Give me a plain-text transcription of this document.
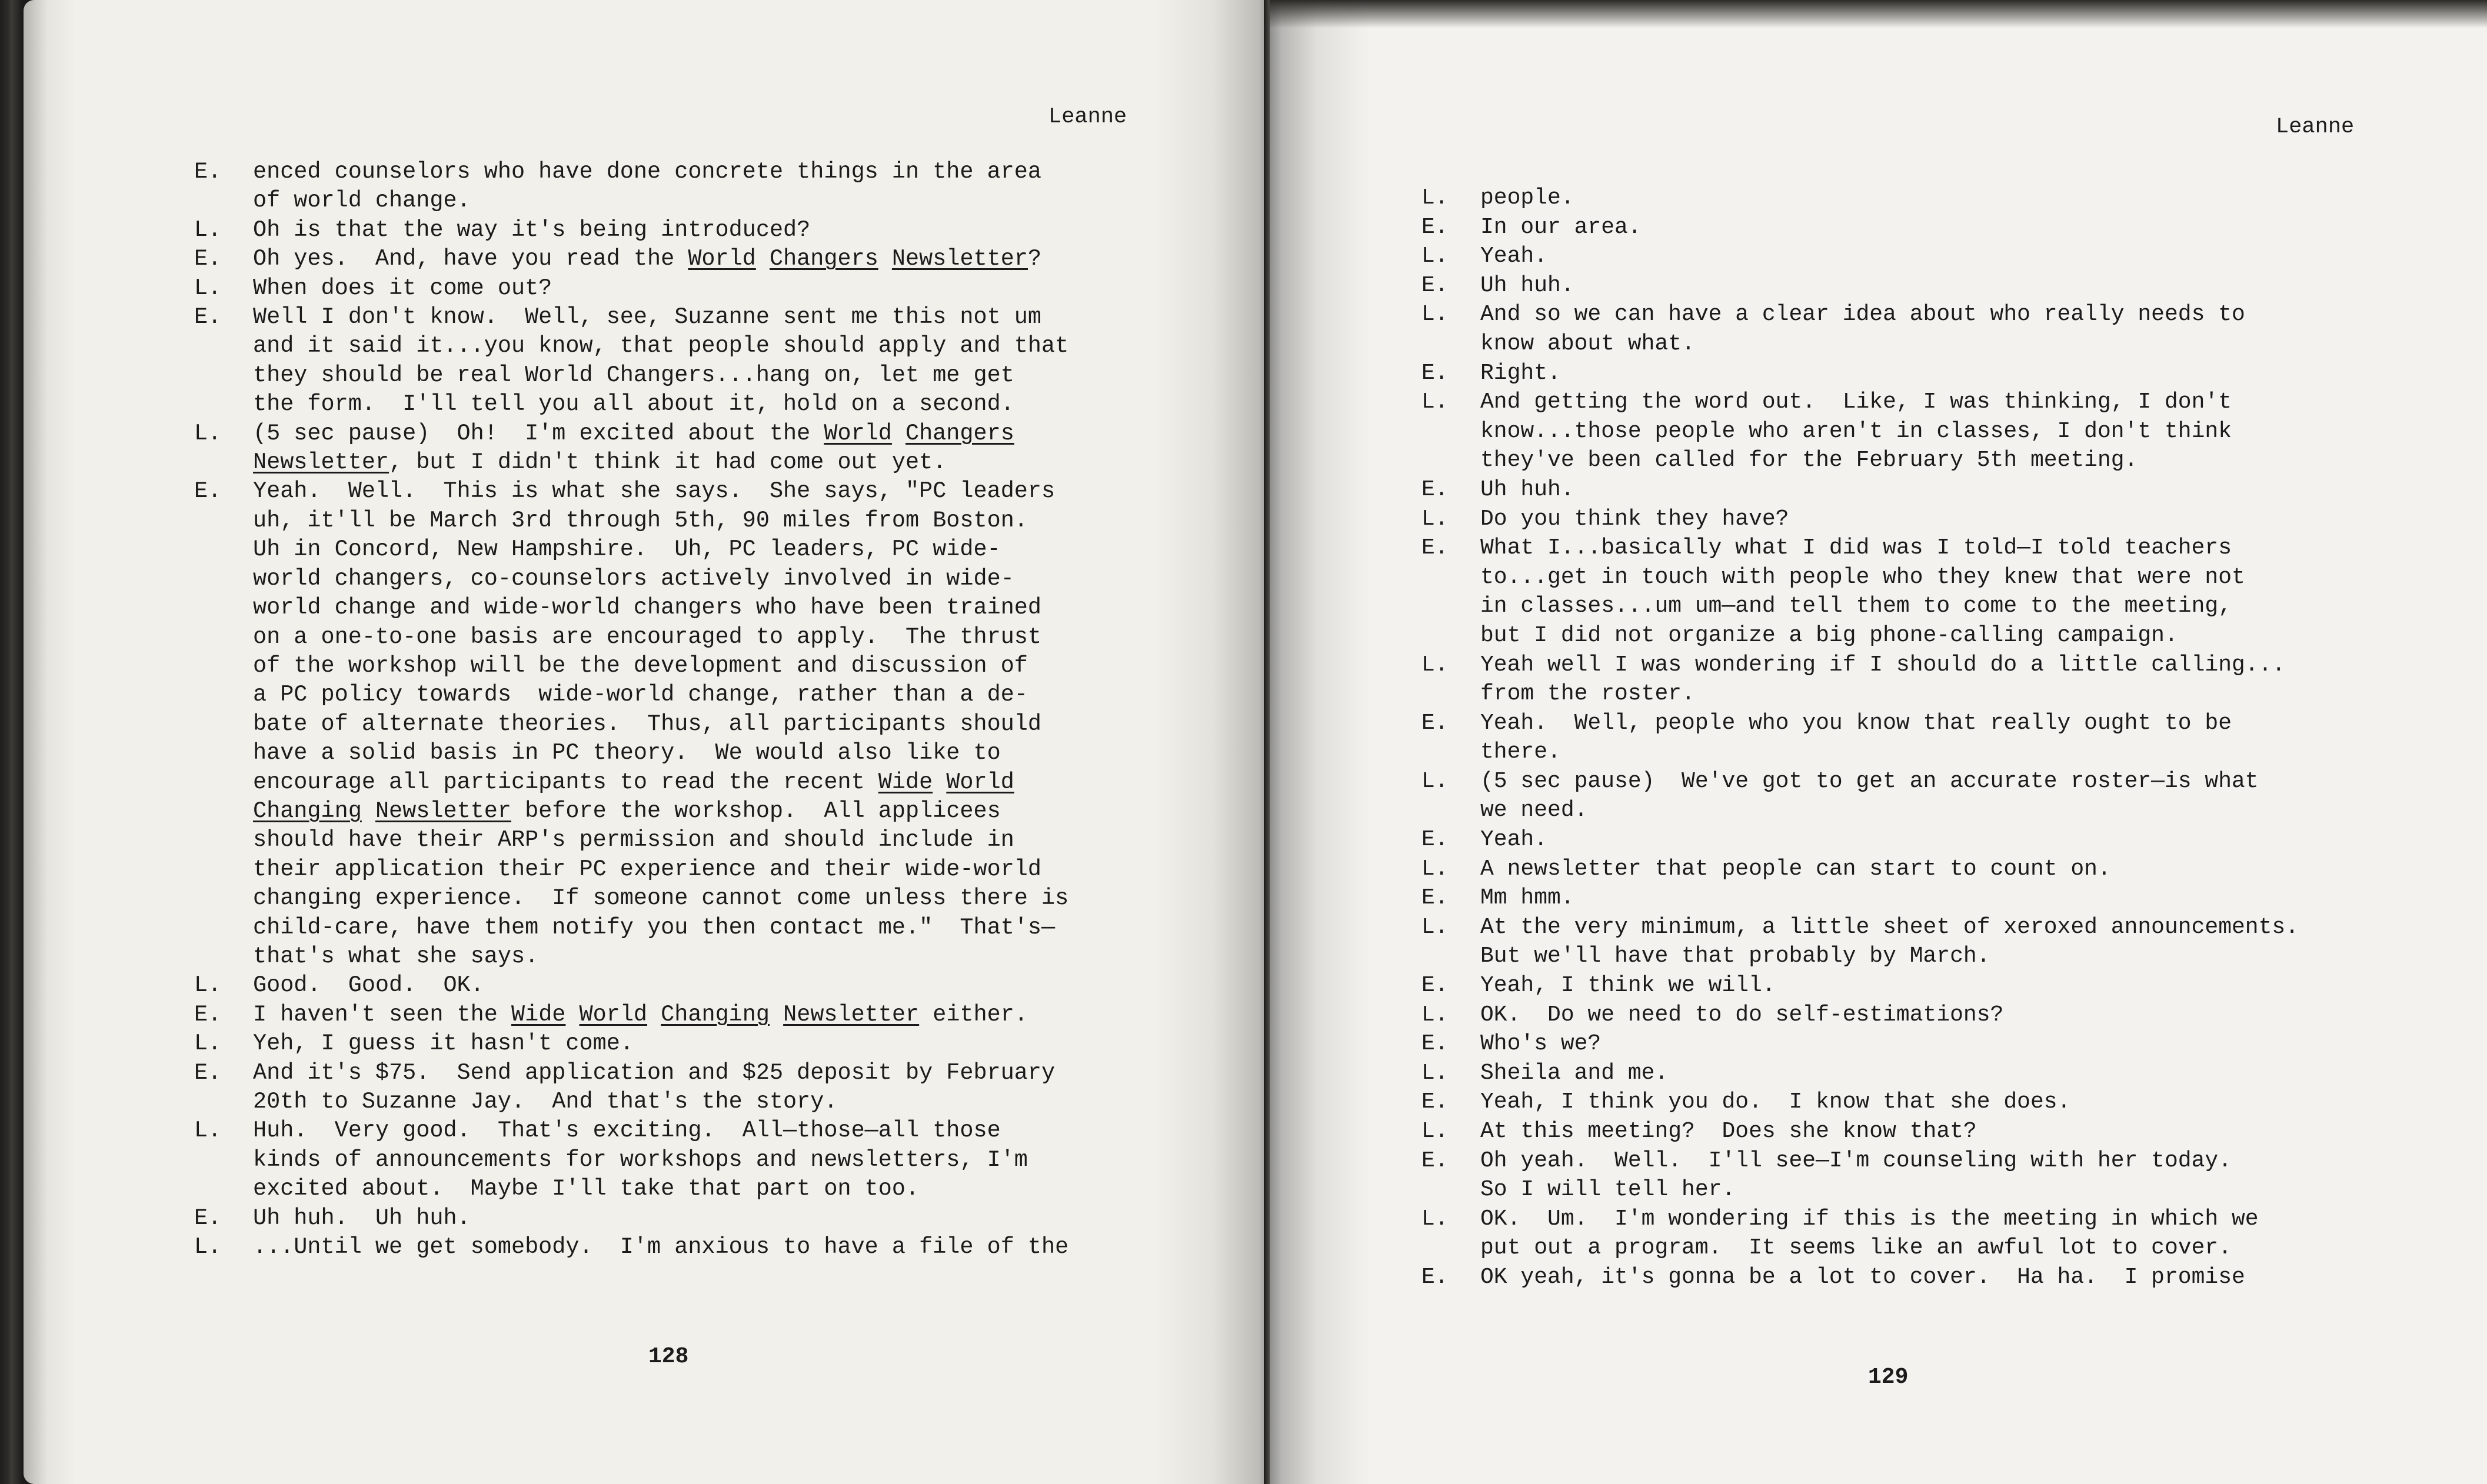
Leanne
E.	enced counselors who have done concrete things in the area
of world change.
L.	Oh is that the way it's being introduced?
E.	Oh yes.  And, have you read the World Changers Newsletter?
L.	When does it come out?
E.	Well I don't know.  Well, see, Suzanne sent me this not um
and it said it...you know, that people should apply and that
they should be real World Changers...hang on, let me get
the form.  I'll tell you all about it, hold on a second.
L.	(5 sec pause)  Oh!  I'm excited about the World Changers
Newsletter, but I didn't think it had come out yet.
E.	Yeah.  Well.  This is what she says.  She says, "PC leaders
uh, it'll be March 3rd through 5th, 90 miles from Boston.
Uh in Concord, New Hampshire.  Uh, PC leaders, PC wide-
world changers, co-counselors actively involved in wide-
world change and wide-world changers who have been trained
on a one-to-one basis are encouraged to apply.  The thrust
of the workshop will be the development and discussion of
a PC policy towards  wide-world change, rather than a de-
bate of alternate theories.  Thus, all participants should
have a solid basis in PC theory.  We would also like to
encourage all participants to read the recent Wide World
Changing Newsletter before the workshop.  All applicees
should have their ARP's permission and should include in
their application their PC experience and their wide-world
changing experience.  If someone cannot come unless there is
child-care, have them notify you then contact me."  That's—
that's what she says.
L.	Good.  Good.  OK.
E.	I haven't seen the Wide World Changing Newsletter either.
L.	Yeh, I guess it hasn't come.
E.	And it's $75.  Send application and $25 deposit by February
20th to Suzanne Jay.  And that's the story.
L.	Huh.  Very good.  That's exciting.  All—those—all those
kinds of announcements for workshops and newsletters, I'm
excited about.  Maybe I'll take that part on too.
E.	Uh huh.  Uh huh.
L.	...Until we get somebody.  I'm anxious to have a file of the
128
Leanne
L.	people.
E.	In our area.
L.	Yeah.
E.	Uh huh.
L.	And so we can have a clear idea about who really needs to
know about what.
E.	Right.
L.	And getting the word out.  Like, I was thinking, I don't
know...those people who aren't in classes, I don't think
they've been called for the February 5th meeting.
E.	Uh huh.
L.	Do you think they have?
E.	What I...basically what I did was I told—I told teachers
to...get in touch with people who they knew that were not
in classes...um um—and tell them to come to the meeting,
but I did not organize a big phone-calling campaign.
L.	Yeah well I was wondering if I should do a little calling...
from the roster.
E.	Yeah.  Well, people who you know that really ought to be
there.
L.	(5 sec pause)  We've got to get an accurate roster—is what
we need.
E.	Yeah.
L.	A newsletter that people can start to count on.
E.	Mm hmm.
L.	At the very minimum, a little sheet of xeroxed announcements.
But we'll have that probably by March.
E.	Yeah, I think we will.
L.	OK.  Do we need to do self-estimations?
E.	Who's we?
L.	Sheila and me.
E.	Yeah, I think you do.  I know that she does.
L.	At this meeting?  Does she know that?
E.	Oh yeah.  Well.  I'll see—I'm counseling with her today.
So I will tell her.
L.	OK.  Um.  I'm wondering if this is the meeting in which we
put out a program.  It seems like an awful lot to cover.
E.	OK yeah, it's gonna be a lot to cover.  Ha ha.  I promise
129
